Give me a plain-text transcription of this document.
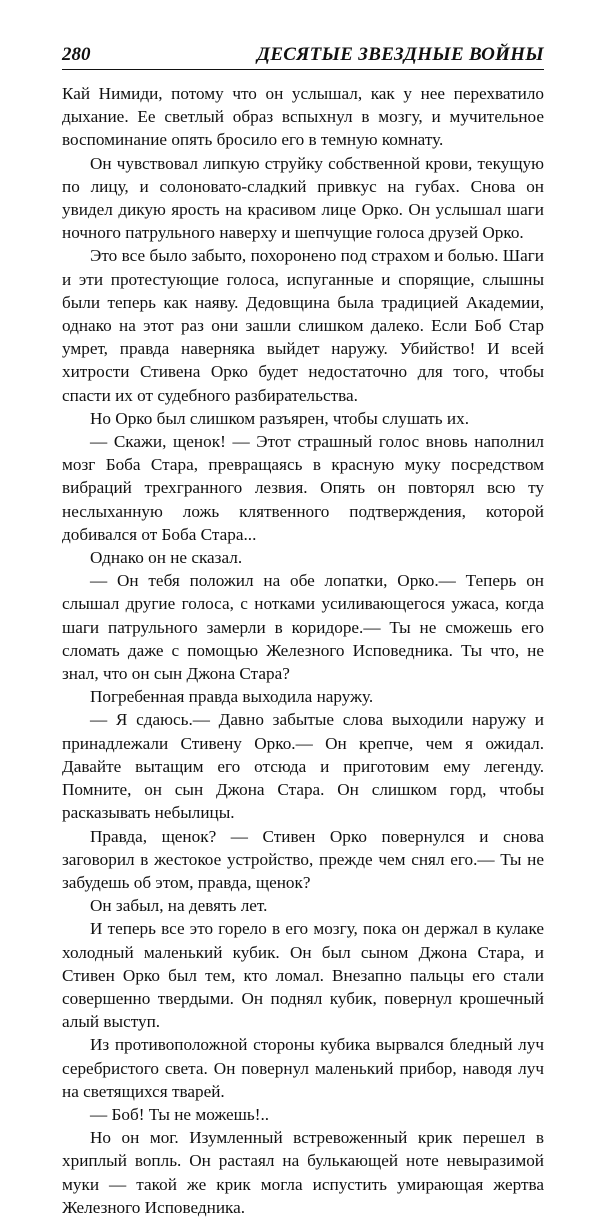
280	ДЕСЯТЫЕ ЗВЕЗДНЫЕ ВОЙНЫ

Кай Нимиди, потому что он услышал, как у нее перехватило дыхание. Ее светлый образ вспыхнул в мозгу, и мучительное воспоминание опять бросило его в темную комнату.

Он чувствовал липкую струйку собственной крови, текущую по лицу, и солоновато-сладкий привкус на губах. Снова он увидел дикую ярость на красивом лице Орко. Он услышал шаги ночного патрульного наверху и шепчущие голоса друзей Орко.

Это все было забыто, похоронено под страхом и болью. Шаги и эти протестующие голоса, испуганные и спорящие, слышны были теперь как наяву. Дедовщина была традицией Академии, однако на этот раз они зашли слишком далеко. Если Боб Стар умрет, правда наверняка выйдет наружу. Убийство! И всей хитрости Стивена Орко будет недостаточно для того, чтобы спасти их от судебного разбирательства.

Но Орко был слишком разъярен, чтобы слушать их.

— Скажи, щенок! — Этот страшный голос вновь наполнил мозг Боба Стара, превращаясь в красную муку посредством вибраций трехгранного лезвия. Опять он повторял всю ту неслыханную ложь клятвенного подтверждения, которой добивался от Боба Стара...

Однако он не сказал.

— Он тебя положил на обе лопатки, Орко.— Теперь он слышал другие голоса, с нотками усиливающегося ужаса, когда шаги патрульного замерли в коридоре.— Ты не сможешь его сломать даже с помощью Железного Исповедника. Ты что, не знал, что он сын Джона Стара?

Погребенная правда выходила наружу.

— Я сдаюсь.— Давно забытые слова выходили наружу и принадлежали Стивену Орко.— Он крепче, чем я ожидал. Давайте вытащим его отсюда и приготовим ему легенду. Помните, он сын Джона Стара. Он слишком горд, чтобы расказывать небылицы.

Правда, щенок? — Стивен Орко повернулся и снова заговорил в жестокое устройство, прежде чем снял его.— Ты не забудешь об этом, правда, щенок?

Он забыл, на девять лет.

И теперь все это горело в его мозгу, пока он держал в кулаке холодный маленький кубик. Он был сыном Джона Стара, и Стивен Орко был тем, кто ломал. Внезапно пальцы его стали совершенно твердыми. Он поднял кубик, повернул крошечный алый выступ.

Из противоположной стороны кубика вырвался бледный луч серебристого света. Он повернул маленький прибор, наводя луч на светящихся тварей.

— Боб! Ты не можешь!..

Но он мог. Изумленный встревоженный крик перешел в хриплый вопль. Он растаял на булькающей ноте невыразимой муки — такой же крик могла испустить умирающая жертва Железного Исповедника.
